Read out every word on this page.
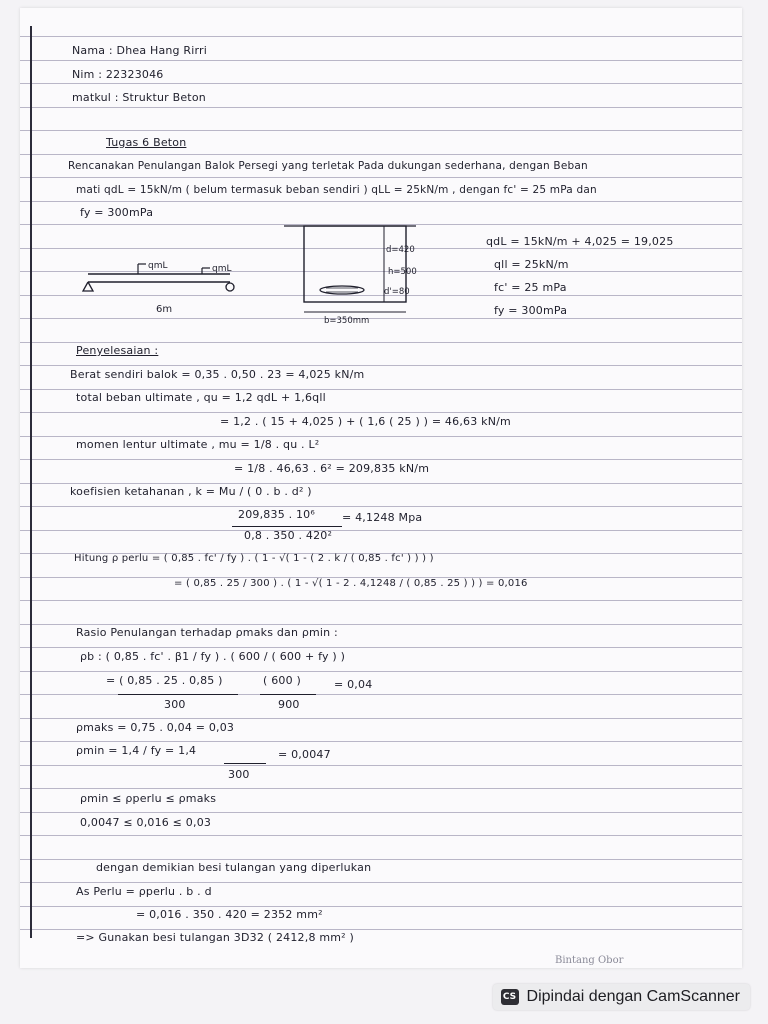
Nama : Dhea Hang Rirri
Nim : 22323046
matkul : Struktur Beton
Tugas 6 Beton
Rencanakan Penulangan Balok Persegi yang terletak Pada dukungan sederhana, dengan Beban
mati qdL = 15kN/m ( belum termasuk beban sendiri ) qLL = 25kN/m , dengan fc' = 25 mPa dan
fy = 300mPa
qmL	qmL
6m
d=420
h=500
d'=80
b=350mm
qdL = 15kN/m + 4,025 = 19,025
qll = 25kN/m
fc' = 25 mPa
fy = 300mPa
Penyelesaian :
Berat sendiri balok = 0,35 . 0,50 . 23 = 4,025 kN/m
total beban ultimate , qu = 1,2 qdL + 1,6qll
= 1,2 . ( 15 + 4,025 ) + ( 1,6 ( 25 ) ) = 46,63 kN/m
momen lentur ultimate , mu = 1/8 . qu . L²
= 1/8 . 46,63 . 6² = 209,835 kN/m
koefisien ketahanan , k = Mu / ( 0 . b . d² )
209,835 . 10⁶ = 4,1248 Mpa
0,8 . 350 . 420²
Hitung ρ perlu = ( 0,85 . fc' / fy ) . ( 1 - √( 1 - ( 2 . k / ( 0,85 . fc' ) ) ) )
= ( 0,85 . 25 / 300 ) . ( 1 - √( 1 - 2 . 4,1248 / ( 0,85 . 25 ) ) ) = 0,016
Rasio Penulangan terhadap ρmaks dan ρmin :
ρb : ( 0,85 . fc' . β1 / fy ) . ( 600 / ( 600 + fy ) )
= ( 0,85 . 25 . 0,85 )	( 600 )	= 0,04
300	900
ρmaks = 0,75 . 0,04 = 0,03
ρmin = 1,4 / fy = 1,4	= 0,0047
300
ρmin ≤ ρperlu ≤ ρmaks
0,0047 ≤ 0,016 ≤ 0,03
dengan demikian besi tulangan yang diperlukan
As Perlu = ρperlu . b . d
= 0,016 . 350 . 420 = 2352 mm²
=> Gunakan besi tulangan 3D32 ( 2412,8 mm² )
Bintang Obor
CS Dipindai dengan CamScanner
